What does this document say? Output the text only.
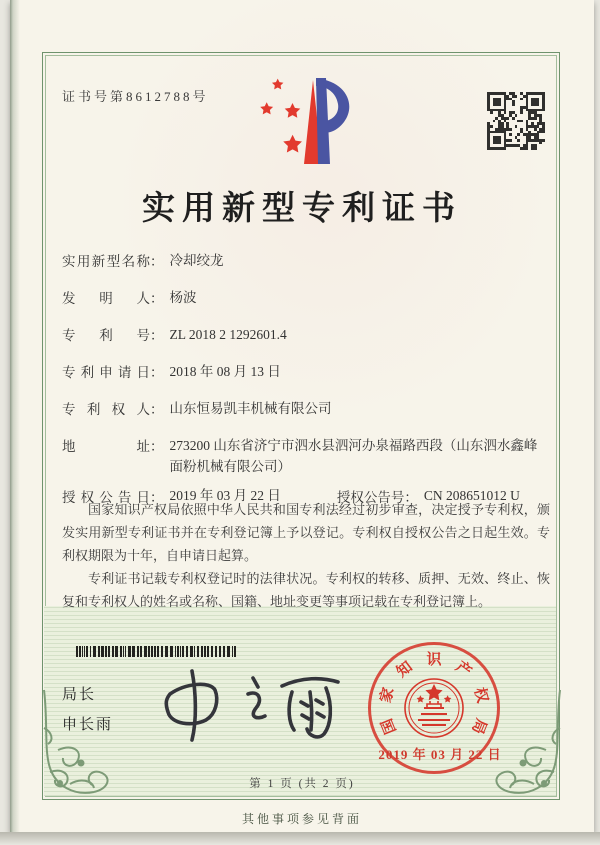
证书号第8612788号
实用新型专利证书
实用新型名称 ： 冷却绞龙
发明人 ： 杨波
专利号 ： ZL 2018 2 1292601.4
专利申请日 ： 2018 年 08 月 13 日
专利权人 ： 山东恒易凯丰机械有限公司
地址 ： 273200 山东省济宁市泗水县泗河办泉福路西段（山东泗水鑫峰面粉机械有限公司）
授权公告日 ： 2019 年 03 月 22 日	授权公告号 ： CN 208651012 U

国家知识产权局依照中华人民共和国专利法经过初步审查，决定授予专利权，颁发实用新型专利证书并在专利登记簿上予以登记。专利权自授权公告之日起生效。专利权期限为十年，自申请日起算。

专利证书记载专利权登记时的法律状况。专利权的转移、质押、无效、终止、恢复和专利权人的姓名或名称、国籍、地址变更等事项记载在专利登记簿上。

局长
申长雨	国
家
知 识 产
权
局
2019 年 03 月 22 日
第 1 页 (共 2 页)
其他事项参见背面
